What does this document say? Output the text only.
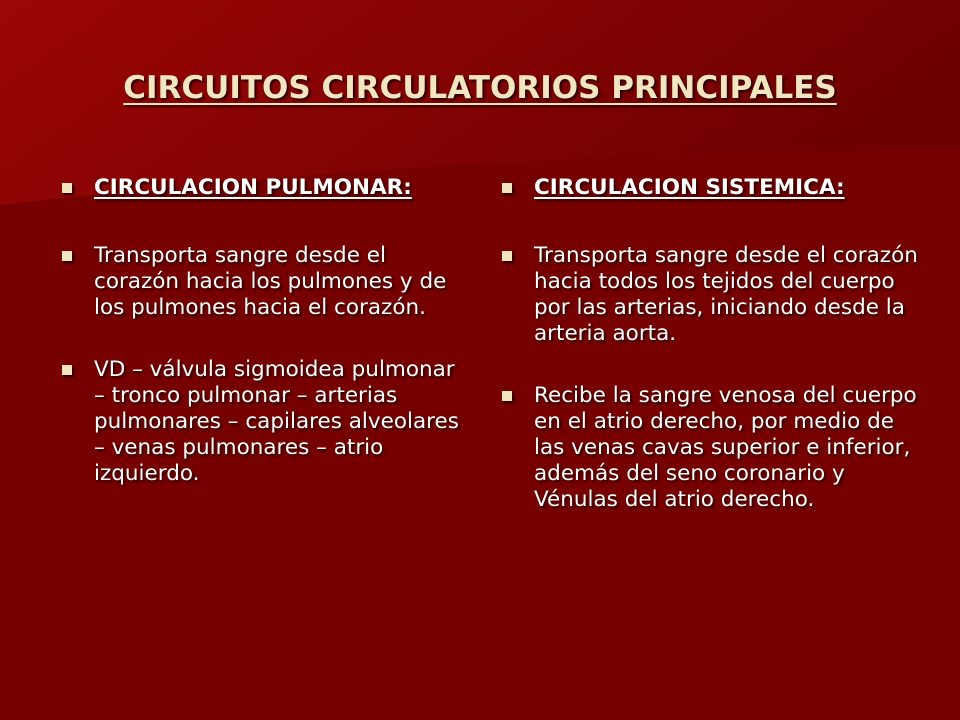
CIRCUITOS CIRCULATORIOS PRINCIPALES
CIRCULACION PULMONAR:
Transporta sangre desde el corazón hacia los pulmones y de los pulmones hacia el corazón.
VD – válvula sigmoidea pulmonar – tronco pulmonar – arterias pulmonares – capilares alveolares – venas pulmonares – atrio izquierdo.
CIRCULACION SISTEMICA:
Transporta sangre desde el corazón hacia todos los tejidos del cuerpo por las arterias, iniciando desde la arteria aorta.
Recibe la sangre venosa del cuerpo en el atrio derecho, por medio de las venas cavas superior e inferior, además del seno coronario y Vénulas del atrio derecho.
